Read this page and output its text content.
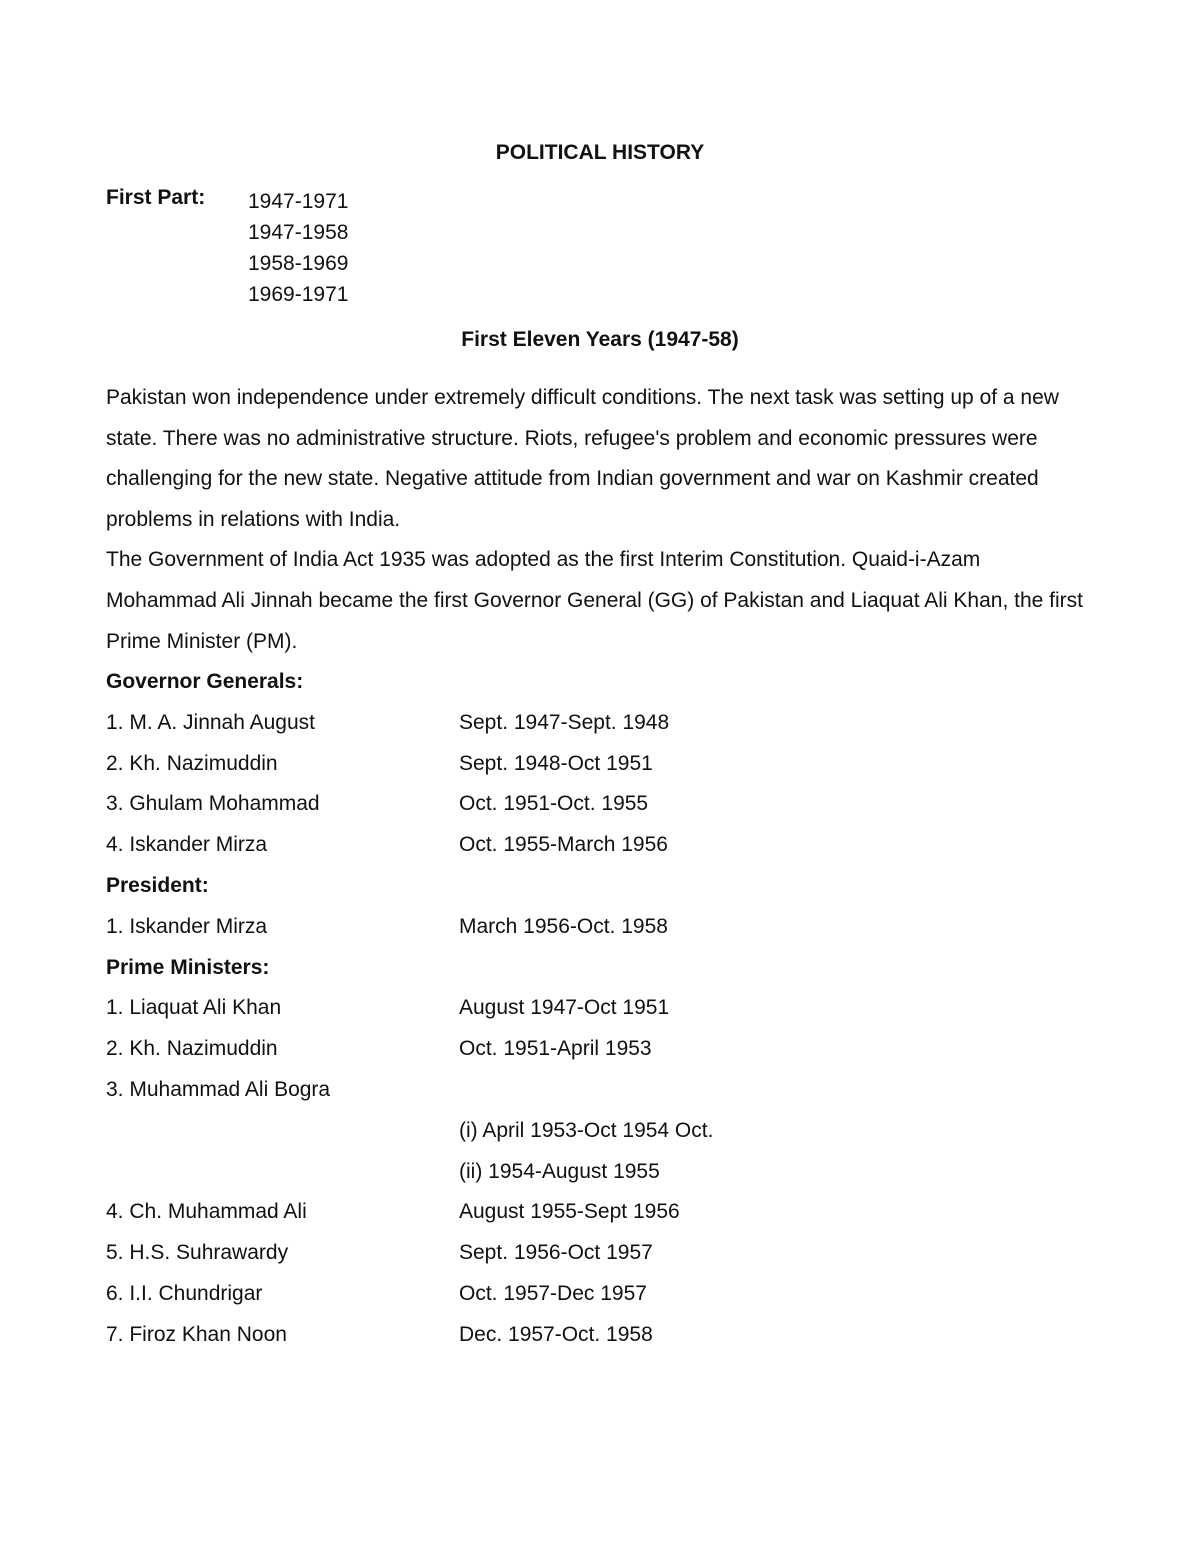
POLITICAL HISTORY
First Part: 1947-1971
1947-1958
1958-1969
1969-1971
First Eleven Years (1947-58)

Pakistan won independence under extremely difficult conditions. The next task was setting up of a new state. There was no administrative structure. Riots, refugee's problem and economic pressures were challenging for the new state. Negative attitude from Indian government and war on Kashmir created problems in relations with India.

The Government of India Act 1935 was adopted as the first Interim Constitution. Quaid-i-Azam Mohammad Ali Jinnah became the first Governor General (GG) of Pakistan and Liaquat Ali Khan, the first Prime Minister (PM).

Governor Generals:
1. M. A. Jinnah August	Sept. 1947-Sept. 1948
2. Kh. Nazimuddin	Sept. 1948-Oct 1951
3. Ghulam Mohammad	Oct. 1951-Oct. 1955
4. Iskander Mirza	Oct. 1955-March 1956
President:
1. Iskander Mirza	March 1956-Oct. 1958
Prime Ministers:
1. Liaquat Ali Khan	August 1947-Oct 1951
2. Kh. Nazimuddin	Oct. 1951-April 1953
3. Muhammad Ali Bogra
(i) April 1953-Oct 1954 Oct.
(ii) 1954-August 1955
4. Ch. Muhammad Ali	August 1955-Sept 1956
5. H.S. Suhrawardy	Sept. 1956-Oct 1957
6. I.I. Chundrigar	Oct. 1957-Dec 1957
7. Firoz Khan Noon	Dec. 1957-Oct. 1958
